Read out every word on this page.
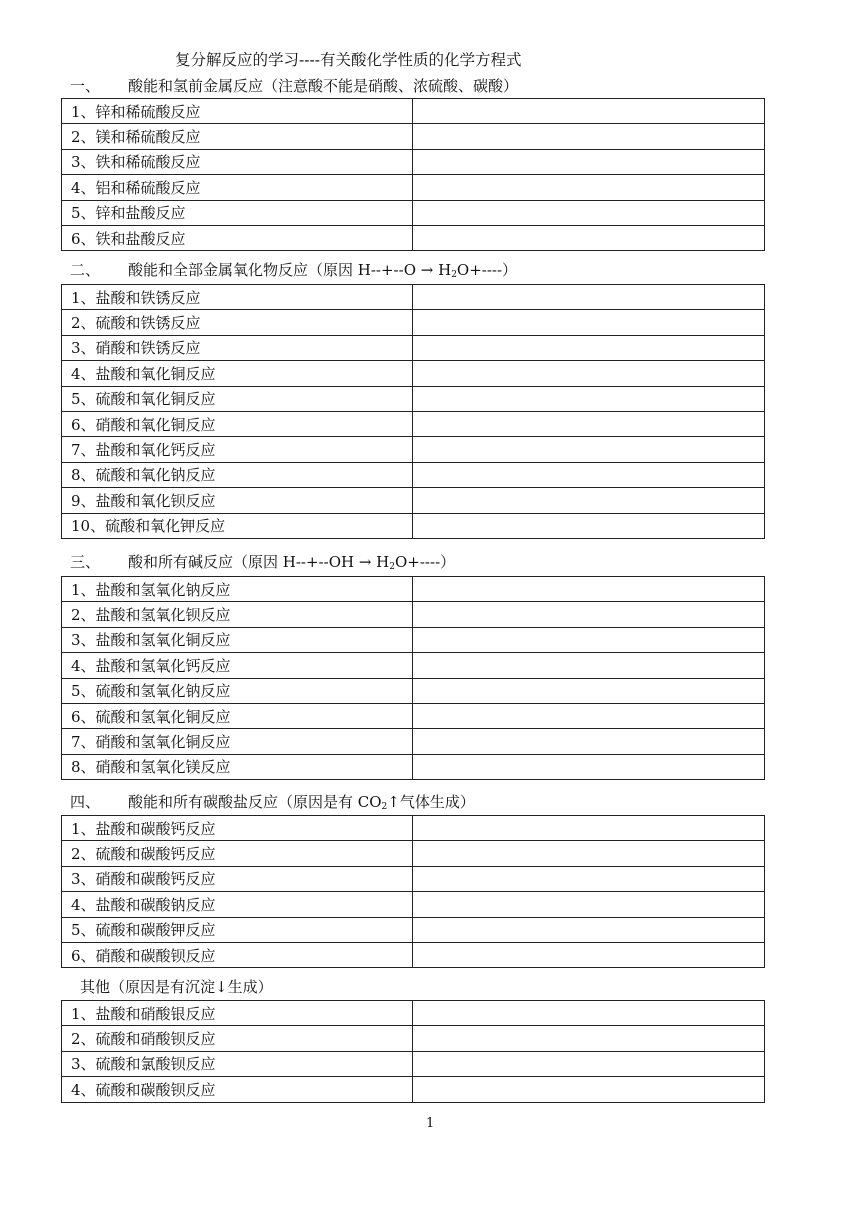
复分解反应的学习----有关酸化学性质的化学方程式
一、 酸能和氢前金属反应（注意酸不能是硝酸、浓硫酸、碳酸）
1、锌和稀硫酸反应	
2、镁和稀硫酸反应	
3、铁和稀硫酸反应	
4、铝和稀硫酸反应	
5、锌和盐酸反应	
6、铁和盐酸反应	
二、 酸能和全部金属氧化物反应（原因 $H--+--O \to H_2O+----$）
1、盐酸和铁锈反应	
2、硫酸和铁锈反应	
3、硝酸和铁锈反应	
4、盐酸和氧化铜反应	
5、硫酸和氧化铜反应	
6、硝酸和氧化铜反应	
7、盐酸和氧化钙反应	
8、硫酸和氧化钠反应	
9、盐酸和氧化钡反应	
10、硫酸和氧化钾反应	
三、 酸和所有碱反应（原因 $H--+--OH \to H_2O+----$）
1、盐酸和氢氧化钠反应	
2、盐酸和氢氧化钡反应	
3、盐酸和氢氧化铜反应	
4、盐酸和氢氧化钙反应	
5、硫酸和氢氧化钠反应	
6、硫酸和氢氧化铜反应	
7、硝酸和氢氧化铜反应	
8、硝酸和氢氧化镁反应	
四、 酸能和所有碳酸盐反应（原因是有 $CO_2↑$气体生成）
1、盐酸和碳酸钙反应	
2、硫酸和碳酸钙反应	
3、硝酸和碳酸钙反应	
4、盐酸和碳酸钠反应	
5、硫酸和碳酸钾反应	
6、硝酸和碳酸钡反应	
其他（原因是有沉淀↓生成）
1、盐酸和硝酸银反应	
2、硫酸和硝酸钡反应	
3、硫酸和氯酸钡反应	
4、硫酸和碳酸钡反应	
1
